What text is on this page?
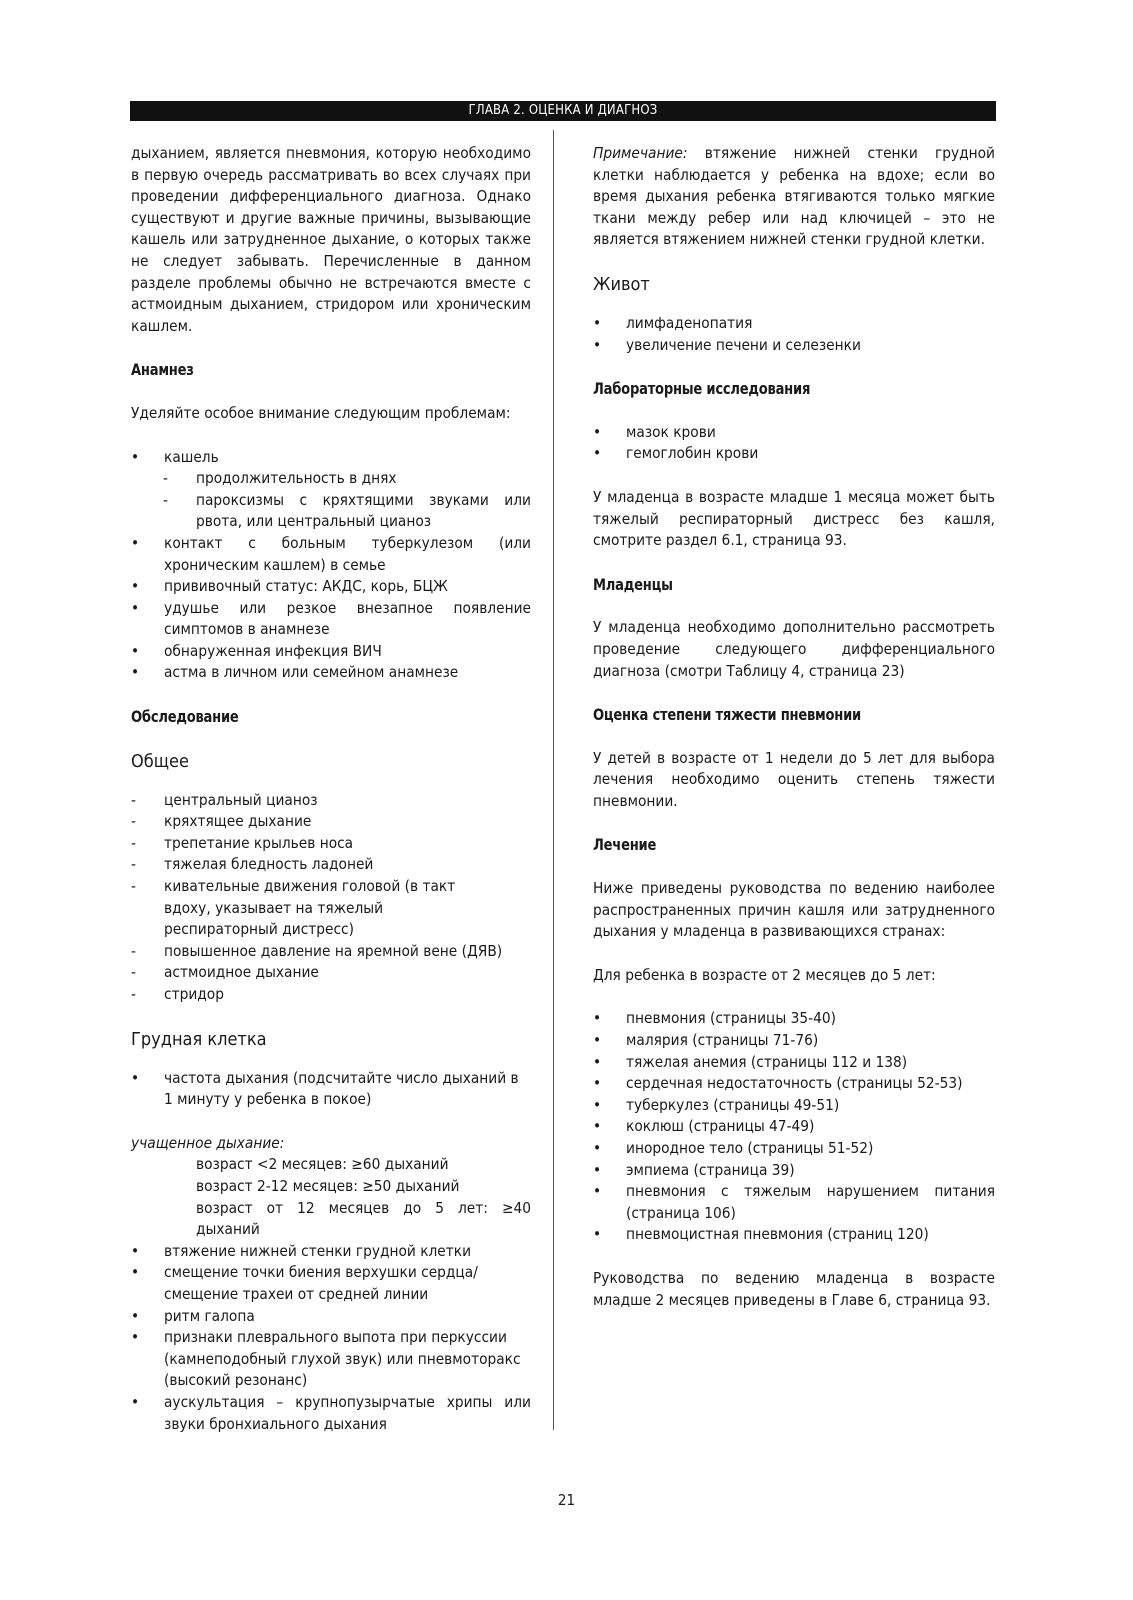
ГЛАВА 2. ОЦЕНКА И ДИАГНОЗ

дыханием, является пневмония, которую необходимо в первую очередь рассматривать во всех случаях при проведении дифференциального диагноза. Однако существуют и другие важные причины, вызывающие кашель или затрудненное дыхание, о которых также не следует забывать. Перечисленные в данном разделе проблемы обычно не встречаются вместе с астмоидным дыханием, стридором или хроническим кашлем.

Анамнез

Уделяйте особое внимание следующим проблемам:

• кашель
- продолжительность в днях
- пароксизмы с кряхтящими звуками или рвота, или центральный цианоз
• контакт с больным туберкулезом (или хроническим кашлем) в семье
• прививочный статус: АКДС, корь, БЦЖ
• удушье или резкое внезапное появление симптомов в анамнезе
• обнаруженная инфекция ВИЧ
• астма в личном или семейном анамнезе
Обследование
Общее
- центральный цианоз
- кряхтящее дыхание
- трепетание крыльев носа
- тяжелая бледность ладоней
- кивательные движения головой (в такт вдоху, указывает на тяжелый респираторный дистресс)
- повышенное давление на яремной вене (ДЯВ)
- астмоидное дыхание
- стридор
Грудная клетка
• частота дыхания (подсчитайте число дыханий в 1 минуту у ребенка в покое)

учащенное дыхание:

возраст <2 месяцев: ≥60 дыханий

возраст 2-12 месяцев: ≥50 дыханий

возраст от 12 месяцев до 5 лет: ≥40 дыханий

• втяжение нижней стенки грудной клетки
• смещение точки биения верхушки сердца/смещение трахеи от средней линии
• ритм галопа
• признаки плеврального выпота при перкуссии (камнеподобный глухой звук) или пневмоторакс (высокий резонанс)
• аускультация – крупнопузырчатые хрипы или звуки бронхиального дыхания

Примечание: втяжение нижней стенки грудной клетки наблюдается у ребенка на вдохе; если во время дыхания ребенка втягиваются только мягкие ткани между ребер или над ключицей – это не является втяжением нижней стенки грудной клетки.

Живот
• лимфаденопатия
• увеличение печени и селезенки
Лабораторные исследования
• мазок крови
• гемоглобин крови

У младенца в возрасте младше 1 месяца может быть тяжелый респираторный дистресс без кашля, смотрите раздел 6.1, страница 93.

Младенцы

У младенца необходимо дополнительно рассмотреть проведение следующего дифференциального диагноза (смотри Таблицу 4, страница 23)

Оценка степени тяжести пневмонии

У детей в возрасте от 1 недели до 5 лет для выбора лечения необходимо оценить степень тяжести пневмонии.

Лечение

Ниже приведены руководства по ведению наиболее распространенных причин кашля или затрудненного дыхания у младенца в развивающихся странах:

Для ребенка в возрасте от 2 месяцев до 5 лет:

• пневмония (страницы 35-40)
• малярия (страницы 71-76)
• тяжелая анемия (страницы 112 и 138)
• сердечная недостаточность (страницы 52-53)
• туберкулез (страницы 49-51)
• коклюш (страницы 47-49)
• инородное тело (страницы 51-52)
• эмпиема (страница 39)
• пневмония с тяжелым нарушением питания (страница 106)
• пневмоцистная пневмония (страниц 120)

Руководства по ведению младенца в возрасте младше 2 месяцев приведены в Главе 6, страница 93.

21
